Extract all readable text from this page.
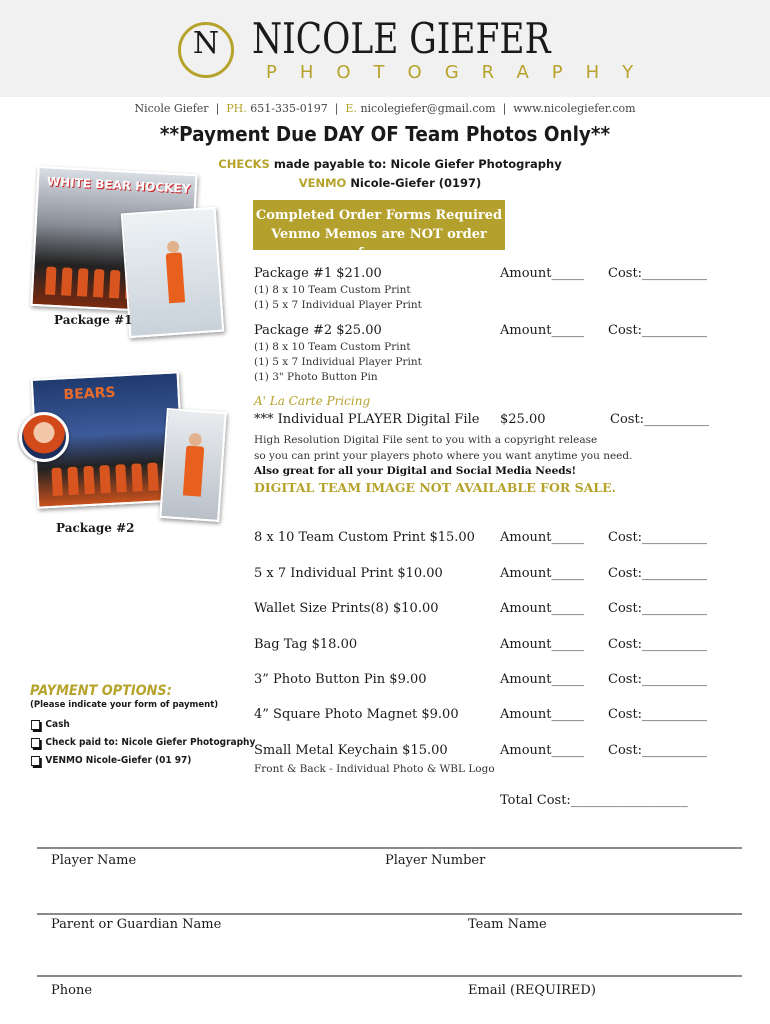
N NICOLE GIEFER
PHOTOGRAPHY
Nicole Giefer | PH. 651-335-0197 | E. nicolegiefer@gmail.com | www.nicolegiefer.com
**Payment Due DAY OF Team Photos Only**
CHECKS made payable to: Nicole Giefer Photography
VENMO Nicole-Giefer (0197)
Completed Order Forms Required
Venmo Memos are NOT order forms
WHITE BEAR HOCKEY
Package #1
BEARS
Package #2
Package #1 $21.00	Amount_____ Cost:__________
(1) 8 x 10 Team Custom Print
(1) 5 x 7 Individual Player Print
Package #2 $25.00	Amount_____ Cost:__________
(1) 8 x 10 Team Custom Print
(1) 5 x 7 Individual Player Print
(1) 3" Photo Button Pin
A' La Carte Pricing
*** Individual PLAYER Digital File $25.00	Cost:__________
High Resolution Digital File sent to you with a copyright release
so you can print your players photo where you want anytime you need.
Also great for all your Digital and Social Media Needs!
DIGITAL TEAM IMAGE NOT AVAILABLE FOR SALE.
8 x 10 Team Custom Print $15.00 Amount_____ Cost:__________
5 x 7 Individual Print $10.00	Amount_____ Cost:__________
Wallet Size Prints(8) $10.00	Amount_____ Cost:__________
Bag Tag $18.00	Amount_____ Cost:__________
3” Photo Button Pin $9.00	Amount_____ Cost:__________
4” Square Photo Magnet $9.00	Amount_____ Cost:__________
Small Metal Keychain $15.00	Amount_____ Cost:__________
Front & Back - Individual Photo & WBL Logo
Total Cost:__________________
PAYMENT OPTIONS:
(Please indicate your form of payment)
Cash
Check paid to: Nicole Giefer Photography
VENMO Nicole-Giefer (01 97)
Player Name	Player Number
Parent or Guardian Name	Team Name
Phone	Email (REQUIRED)
